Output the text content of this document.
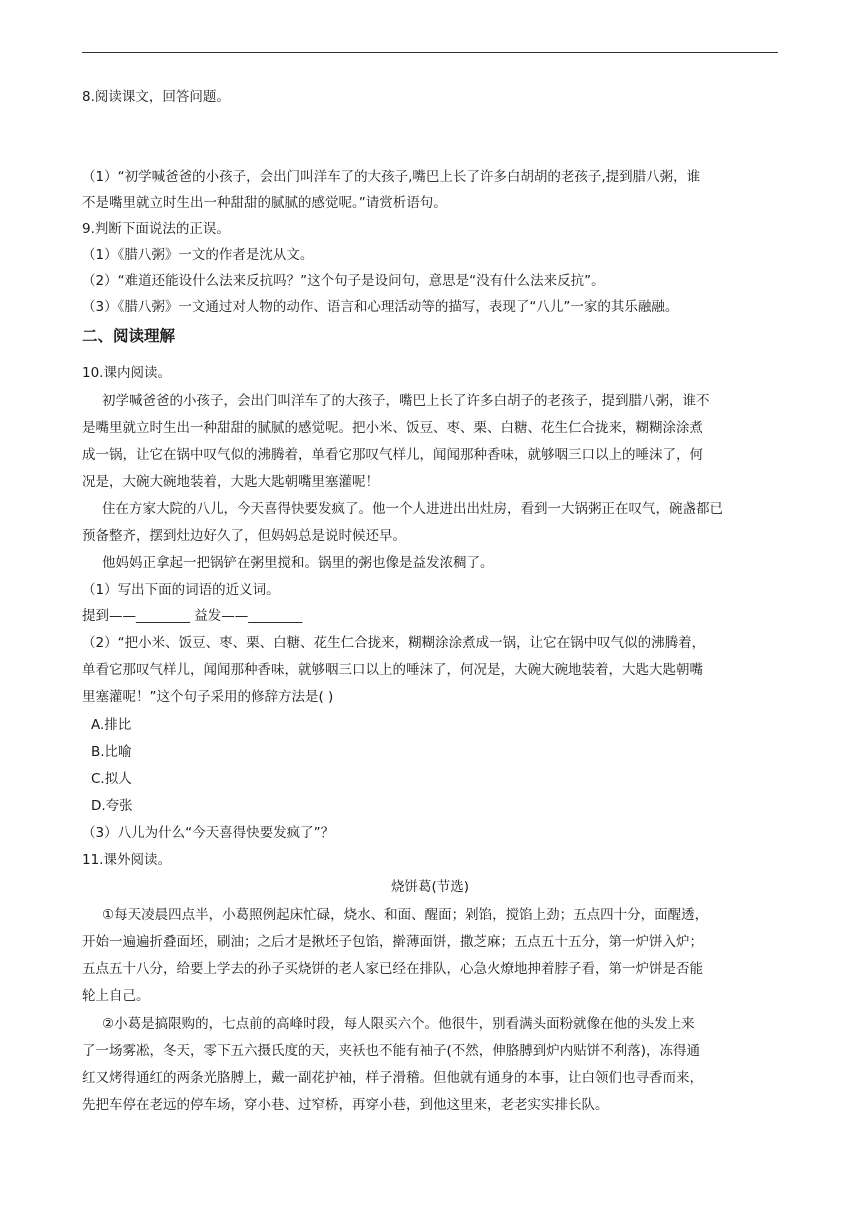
8.阅读课文，回答问题。
（1）“初学喊爸爸的小孩子，会出门叫洋车了的大孩子,嘴巴上长了许多白胡胡的老孩子,提到腊八粥，谁
不是嘴里就立时生出一种甜甜的腻腻的感觉呢。”请赏析语句。
9.判断下面说法的正误。
（1）《腊八粥》一文的作者是沈从文。
（2）“难道还能设什么法来反抗吗？”这个句子是设问句，意思是“没有什么法来反抗”。
（3）《腊八粥》一文通过对人物的动作、语言和心理活动等的描写，表现了“八儿”一家的其乐融融。
二、阅读理解
10.课内阅读。
初学喊爸爸的小孩子，会出门叫洋车了的大孩子，嘴巴上长了许多白胡子的老孩子，提到腊八粥，谁不
是嘴里就立时生出一种甜甜的腻腻的感觉呢。把小米、饭豆、枣、栗、白糖、花生仁合拢来，糊糊涂涂煮
成一锅，让它在锅中叹气似的沸腾着，单看它那叹气样儿，闻闻那种香味，就够咽三口以上的唾沫了，何
况是，大碗大碗地装着，大匙大匙朝嘴里塞灌呢！
住在方家大院的八儿，今天喜得快要发疯了。他一个人进进出出灶房，看到一大锅粥正在叹气，碗盏都已
预备整齐，摆到灶边好久了，但妈妈总是说时候还早。
他妈妈正拿起一把锅铲在粥里搅和。锅里的粥也像是益发浓稠了。
（1）写出下面的词语的近义词。
提到——________ 益发——________
（2）“把小米、饭豆、枣、栗、白糖、花生仁合拢来，糊糊涂涂煮成一锅，让它在锅中叹气似的沸腾着，
单看它那叹气样儿，闻闻那种香味，就够咽三口以上的唾沫了，何况是，大碗大碗地装着，大匙大匙朝嘴
里塞灌呢！”这个句子采用的修辞方法是( )
A.排比
B.比喻
C.拟人
D.夸张
（3）八儿为什么“今天喜得快要发疯了”？
11.课外阅读。
烧饼葛(节选)
①每天凌晨四点半，小葛照例起床忙碌，烧水、和面、醒面；剁馅，搅馅上劲；五点四十分，面醒透，
开始一遍遍折叠面坯，刷油；之后才是揪坯子包馅，擀薄面饼，撒芝麻；五点五十五分，第一炉饼入炉；
五点五十八分，给要上学去的孙子买烧饼的老人家已经在排队，心急火燎地抻着脖子看，第一炉饼是否能
轮上自己。
②小葛是搞限购的，七点前的高峰时段，每人限买六个。他很牛，别看满头面粉就像在他的头发上来
了一场雾凇，冬天，零下五六摄氏度的天，夹袄也不能有袖子(不然，伸胳膊到炉内贴饼不利落)，冻得通
红又烤得通红的两条光胳膊上，戴一副花护袖，样子滑稽。但他就有通身的本事，让白领们也寻香而来，
先把车停在老远的停车场，穿小巷、过窄桥，再穿小巷，到他这里来，老老实实排长队。
